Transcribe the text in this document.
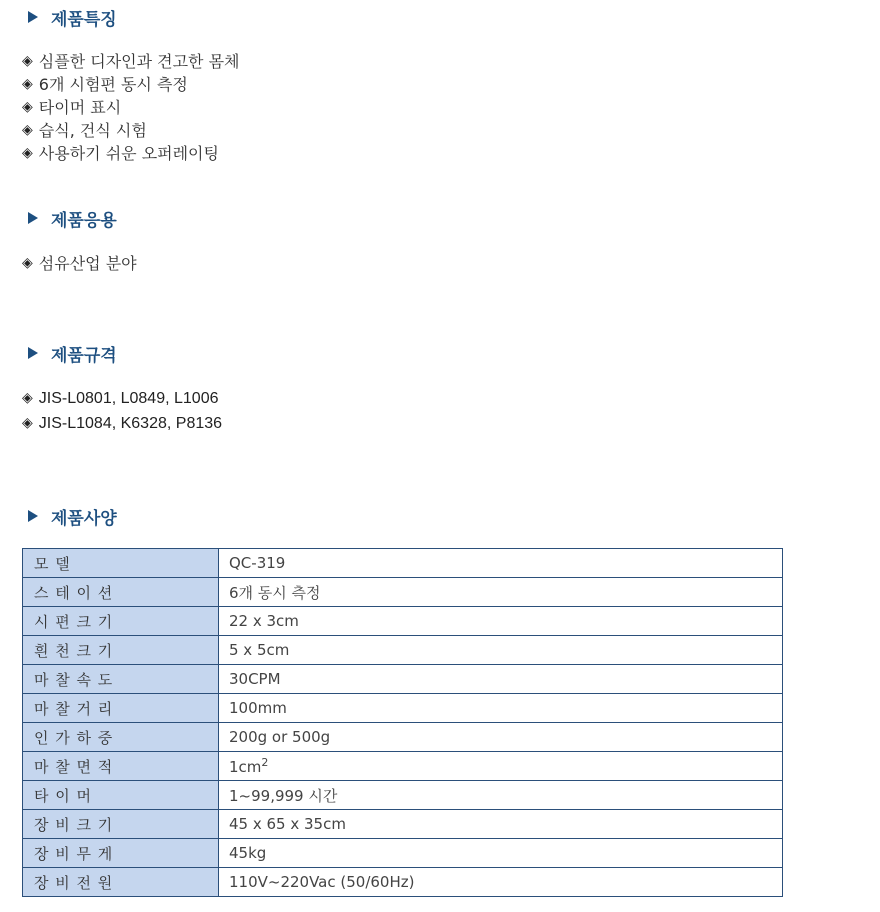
제품특징
◈ 심플한 디자인과 견고한 몸체
◈ 6개 시험편 동시 측정
◈ 타이머 표시
◈ 습식, 건식 시험
◈ 사용하기 쉬운 오퍼레이팅
제품응용
◈ 섬유산업 분야
제품규격
◈ JIS-L0801, L0849, L1006
◈ JIS-L1084, K6328, P8136
제품사양
모 델	QC-319
스 테 이 션	6개 동시 측정
시 편 크 기	22 x 3cm
흰 천 크 기	5 x 5cm
마 찰 속 도	30CPM
마 찰 거 리	100mm
인 가 하 중	200g or 500g
마 찰 면 적	$1cm^2$
타 이 머	1~99,999 시간
장 비 크 기	45 x 65 x 35cm
장 비 무 게	45kg
장 비 전 원	110V~220Vac (50/60Hz)
